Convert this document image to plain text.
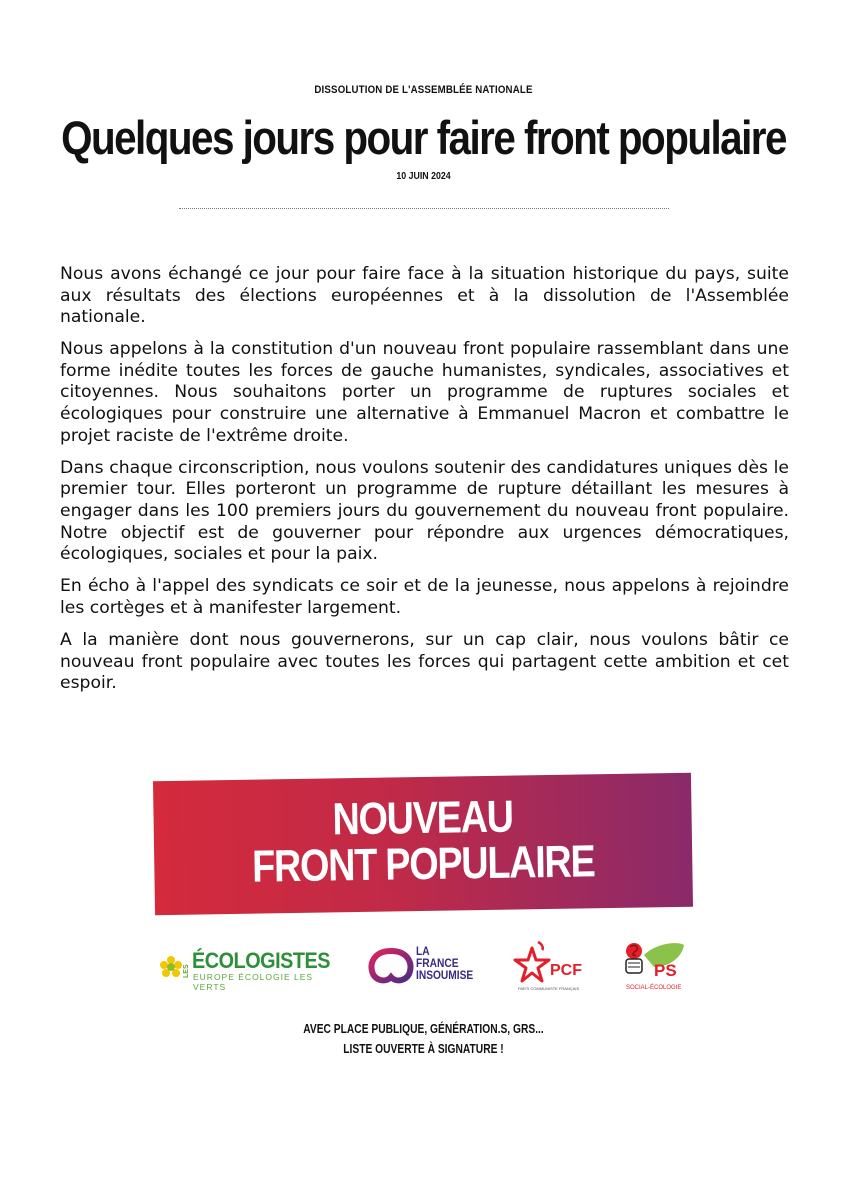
DISSOLUTION DE L'ASSEMBLÉE NATIONALE
Quelques jours pour faire front populaire
10 JUIN 2024

Nous avons échangé ce jour pour faire face à la situation historique du pays, suite aux résultats des élections européennes et à la dissolution de l'Assemblée nationale.

Nous appelons à la constitution d'un nouveau front populaire rassemblant dans une forme inédite toutes les forces de gauche humanistes, syndicales, associatives et citoyennes. Nous souhaitons porter un programme de ruptures sociales et écologiques pour construire une alternative à Emmanuel Macron et combattre le projet raciste de l'extrême droite.

Dans chaque circonscription, nous voulons soutenir des candidatures uniques dès le premier tour. Elles porteront un programme de rupture détaillant les mesures à engager dans les 100 premiers jours du gouvernement du nouveau front populaire. Notre objectif est de gouverner pour répondre aux urgences démocratiques, écologiques, sociales et pour la paix.

En écho à l'appel des syndicats ce soir et de la jeunesse, nous appelons à rejoindre les cortèges et à manifester largement.

A la manière dont nous gouvernerons, sur un cap clair, nous voulons bâtir ce nouveau front populaire avec toutes les forces qui partagent cette ambition et cet espoir.

NOUVEAU
FRONT POPULAIRE
LES ÉCOLOGISTES
EUROPE ÉCOLOGIE LES VERTS
LA
FRANCE
INSOUMISE	PCF
PARTI COMMUNISTE FRANÇAIS
PS
SOCIAL-ÉCOLOGIE
AVEC PLACE PUBLIQUE, GÉNÉRATION.S, GRS...
LISTE OUVERTE À SIGNATURE !
